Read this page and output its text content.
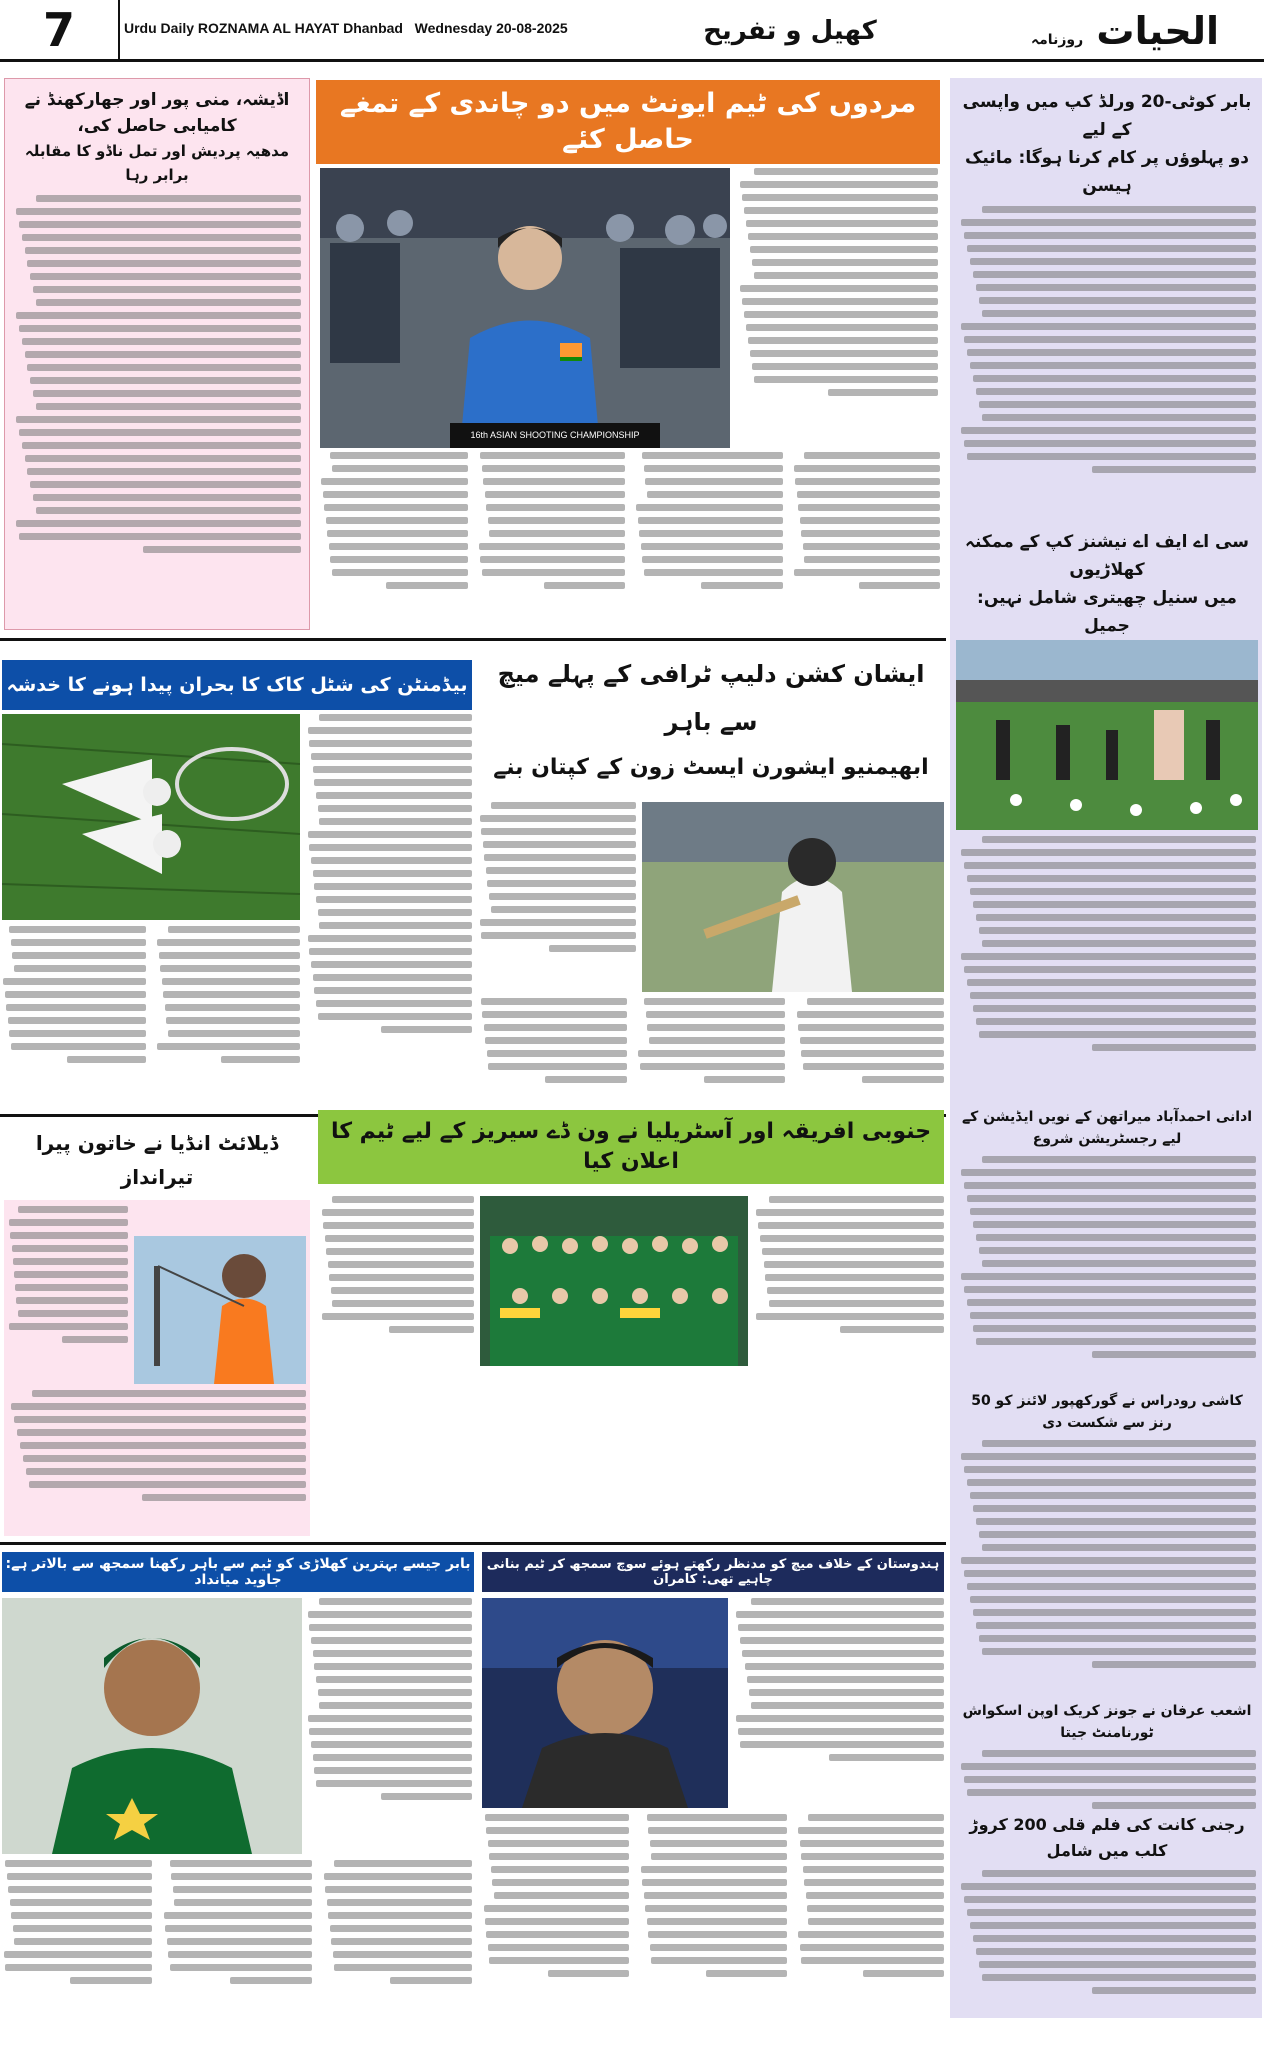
7	Urdu Daily ROZNAMA AL HAYAT Dhanbad Wednesday 20-08-2025	کھیل و تفریح	الحیات روزنامہ
اڈیشہ، منی پور اور جھارکھنڈ نے کامیابی حاصل کی،
مدھیہ پردیش اور تمل ناڈو کا مقابلہ برابر رہا
مردوں کی ٹیم ایونٹ میں دو چاندی کے تمغے حاصل کئے
16th ASIAN SHOOTING CHAMPIONSHIP
بابر کوٹی-20 ورلڈ کپ میں واپسی کے لیے
دو پہلوؤں پر کام کرنا ہوگا: مائیک ہیسن
سی اے ایف اے نیشنز کپ کے ممکنہ کھلاڑیوں
میں سنیل چھیتری شامل نہیں: جمیل
ادانی احمدآباد میراتھن کے نویں ایڈیشن کے لیے رجسٹریشن شروع
کاشی رودراس نے گورکھپور لائنز کو 50 رنز سے شکست دی
اشعب عرفان نے جونز کریک اوپن اسکواش ٹورنامنٹ جیتا
رجنی کانت کی فلم قلی 200 کروڑ کلب میں شامل
بیڈمنٹن کی شٹل کاک کا بحران پیدا ہونے کا خدشہ	ایشان کشن دلیپ ٹرافی کے پہلے میچ سے باہر
ابھیمنیو ایشورن ایسٹ زون کے کپتان بنے
ڈیلائٹ انڈیا نے خاتون پیرا تیرانداز
جنوبی افریقہ اور آسٹریلیا نے ون ڈے سیریز کے لیے ٹیم کا اعلان کیا
بابر جیسے بہترین کھلاڑی کو ٹیم سے باہر رکھنا سمجھ سے بالاتر ہے: جاوید میانداد
ہندوستان کے خلاف میچ کو مدنظر رکھتے ہوئے سوچ سمجھ کر ٹیم بنانی چاہیے تھی: کامران
